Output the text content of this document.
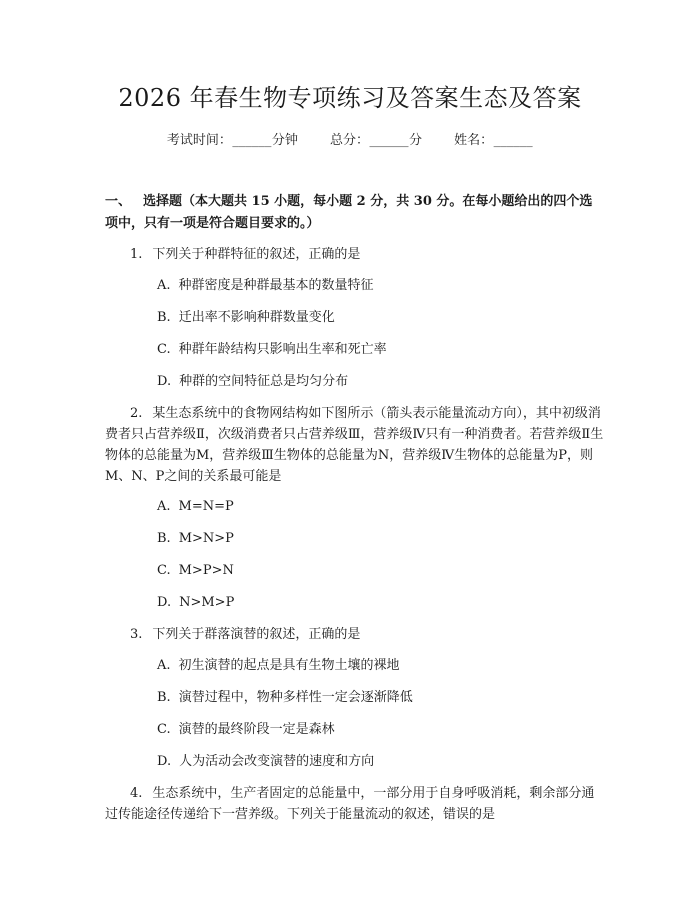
2026 年春生物专项练习及答案生态及答案
考试时间：______分钟 总分：______分 姓名：______
一、 选择题（本大题共 15 小题，每小题 2 分，共 30 分。在每小题给出的四个选项中，只有一项是符合题目要求的。）
1. 下列关于种群特征的叙述，正确的是
A. 种群密度是种群最基本的数量特征
B. 迁出率不影响种群数量变化
C. 种群年龄结构只影响出生率和死亡率
D. 种群的空间特征总是均匀分布
2. 某生态系统中的食物网结构如下图所示（箭头表示能量流动方向），其中初级消费者只占营养级Ⅱ，次级消费者只占营养级Ⅲ，营养级Ⅳ只有一种消费者。若营养级Ⅱ生物体的总能量为M，营养级Ⅲ生物体的总能量为N，营养级Ⅳ生物体的总能量为P，则M、N、P之间的关系最可能是
A. M=N=P
B. M>N>P
C. M>P>N
D. N>M>P
3. 下列关于群落演替的叙述，正确的是
A. 初生演替的起点是具有生物土壤的裸地
B. 演替过程中，物种多样性一定会逐渐降低
C. 演替的最终阶段一定是森林
D. 人为活动会改变演替的速度和方向
4. 生态系统中，生产者固定的总能量中，一部分用于自身呼吸消耗，剩余部分通过传能途径传递给下一营养级。下列关于能量流动的叙述，错误的是
